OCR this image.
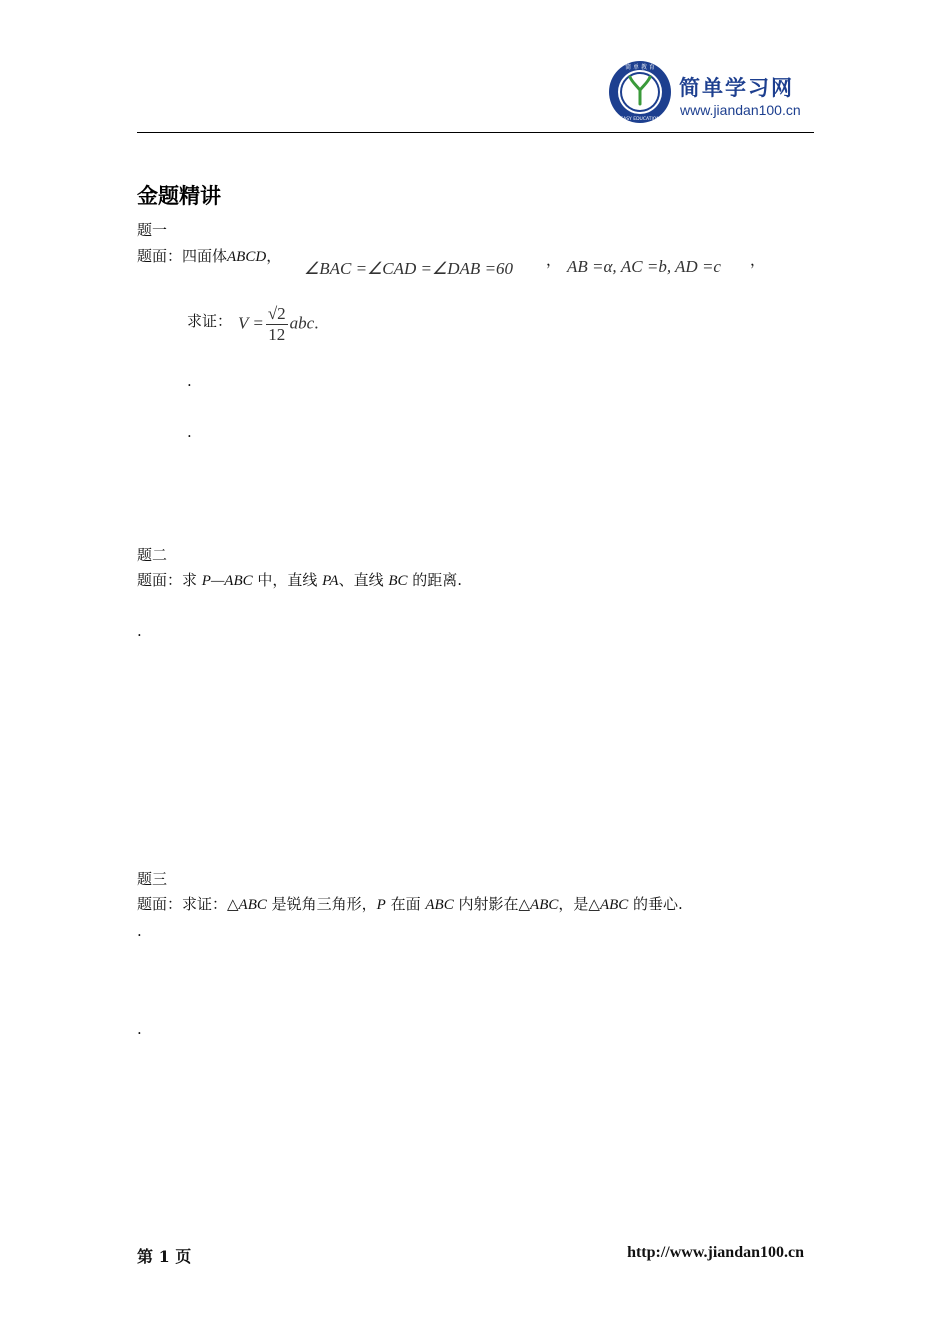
简 单 教 育
EASY EDUCATION
简单学习网
www.jiandan100.cn
金题精讲
题一
题面：四面体ABCD，
∠BAC =∠CAD =∠DAB =60 ， AB =α, AC =b, AD =c ，
求证： $V = \frac{√2}{12}$ abc.
.
.
题二
题面：求 P—ABC 中，直线 PA、直线 BC 的距离.
.
题三
题面：求证：△ABC 是锐角三角形，P 在面 ABC 内射影在△ABC，是△ABC 的垂心.
.
.
第 1 页	http://www.jiandan100.cn
